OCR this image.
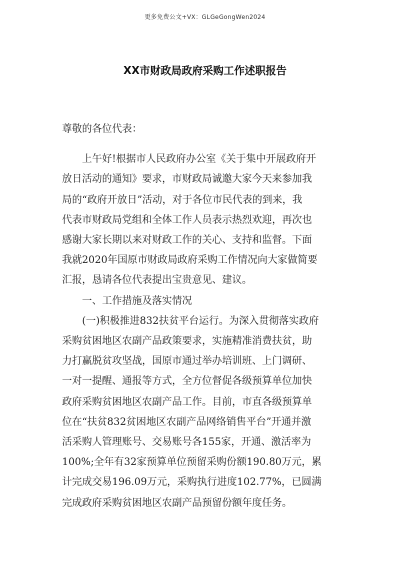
更多免费公文+VX：GLGeGongWen2024
XX市财政局政府采购工作述职报告

尊敬的各位代表：

上午好!根据市人民政府办公室《关于集中开展政府开

放日活动的通知》要求，市财政局诚邀大家今天来参加我

局的“政府开放日”活动，对于各位市民代表的到来，我

代表市财政局党组和全体工作人员表示热烈欢迎，再次也

感谢大家长期以来对财政工作的关心、支持和监督。下面

我就2020年国原市财政局政府采购工作情况向大家做简要

汇报，恳请各位代表提出宝贵意见、建议。

一、工作措施及落实情况

(一)积极推进832扶贫平台运行。为深入贯彻落实政府

采购贫困地区农副产品政策要求，实施精准消费扶贫，助

力打赢脱贫攻坚战，国原市通过举办培训班、上门调研、

一对一提醒、通报等方式，全方位督促各级预算单位加快

政府采购贫困地区农副产品工作。目前，市直各级预算单

位在“扶贫832贫困地区农副产品网络销售平台”开通并激

活采购人管理账号、交易账号各155家，开通、激活率为

100%;全年有32家预算单位预留采购份额190.80万元，累

计完成交易196.09万元，采购执行进度102.77%，已圆满

完成政府采购贫困地区农副产品预留份额年度任务。
